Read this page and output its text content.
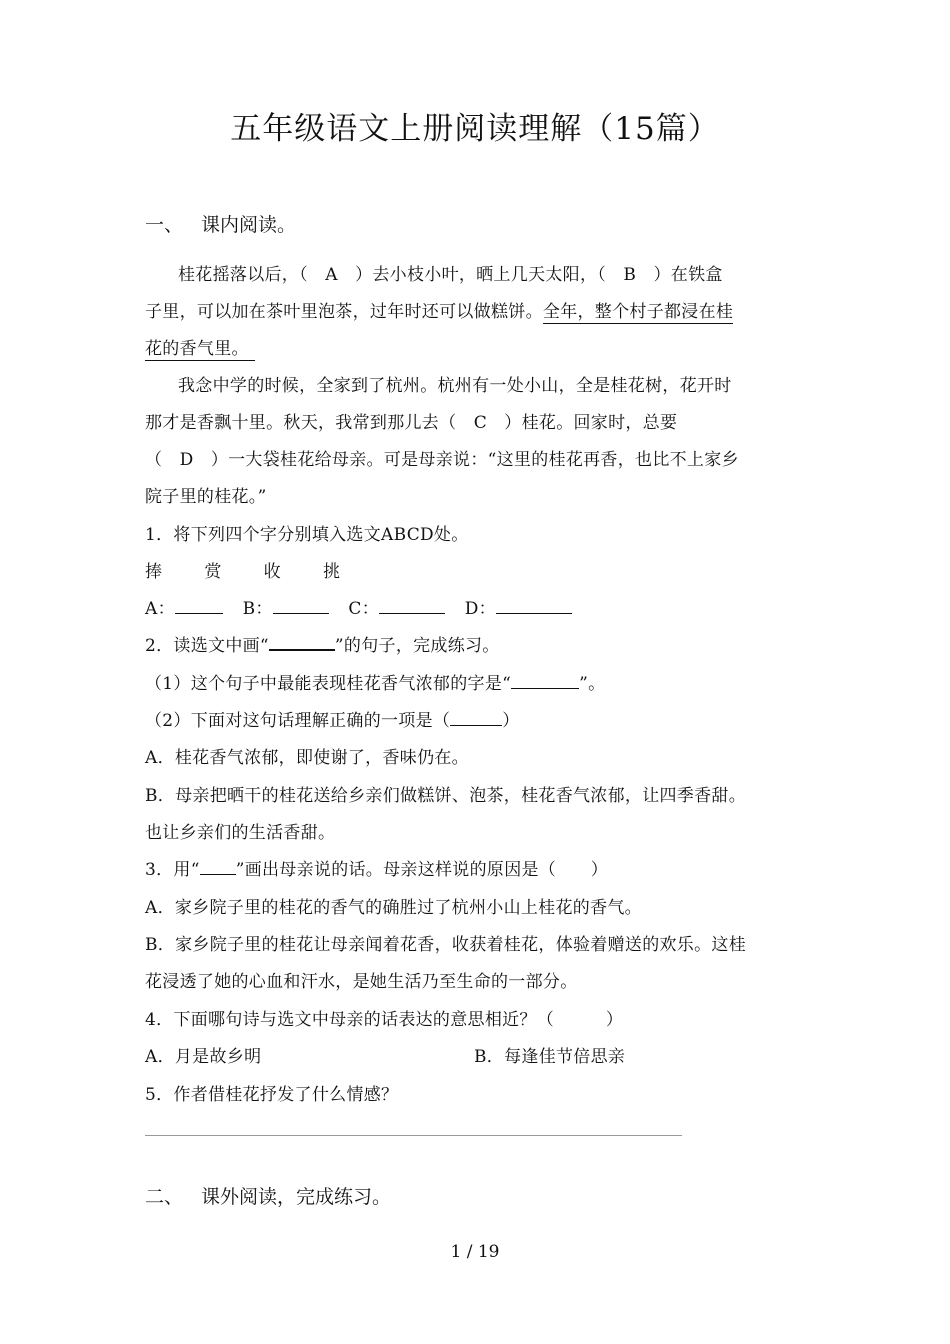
五年级语文上册阅读理解（15篇）
一、 课内阅读。
桂花摇落以后，（　A　）去小枝小叶，晒上几天太阳，（　B　）在铁盒
子里，可以加在茶叶里泡茶，过年时还可以做糕饼。全年，整个村子都浸在桂
花的香气里。
我念中学的时候，全家到了杭州。杭州有一处小山，全是桂花树，花开时
那才是香飘十里。秋天，我常到那儿去（　C　）桂花。回家时，总要
（　D　）一大袋桂花给母亲。可是母亲说：“这里的桂花再香，也比不上家乡
院子里的桂花。”
1．将下列四个字分别填入选文ABCD处。
捧 赏 收 挑
A：	B：	C：	D：
2．读选文中画“	”的句子，完成练习。
（1）这个句子中最能表现桂花香气浓郁的字是“	”。
（2）下面对这句话理解正确的一项是（	）
A．桂花香气浓郁，即使谢了，香味仍在。
B．母亲把晒干的桂花送给乡亲们做糕饼、泡茶，桂花香气浓郁，让四季香甜。
也让乡亲们的生活香甜。
3．用“ ”画出母亲说的话。母亲这样说的原因是（　　）
A．家乡院子里的桂花的香气的确胜过了杭州小山上桂花的香气。
B．家乡院子里的桂花让母亲闻着花香，收获着桂花，体验着赠送的欢乐。这桂
花浸透了她的心血和汗水，是她生活乃至生命的一部分。
4．下面哪句诗与选文中母亲的话表达的意思相近？（　　　）
A．月是故乡明	B．每逢佳节倍思亲
5．作者借桂花抒发了什么情感？
二、 课外阅读，完成练习。
1 / 19
